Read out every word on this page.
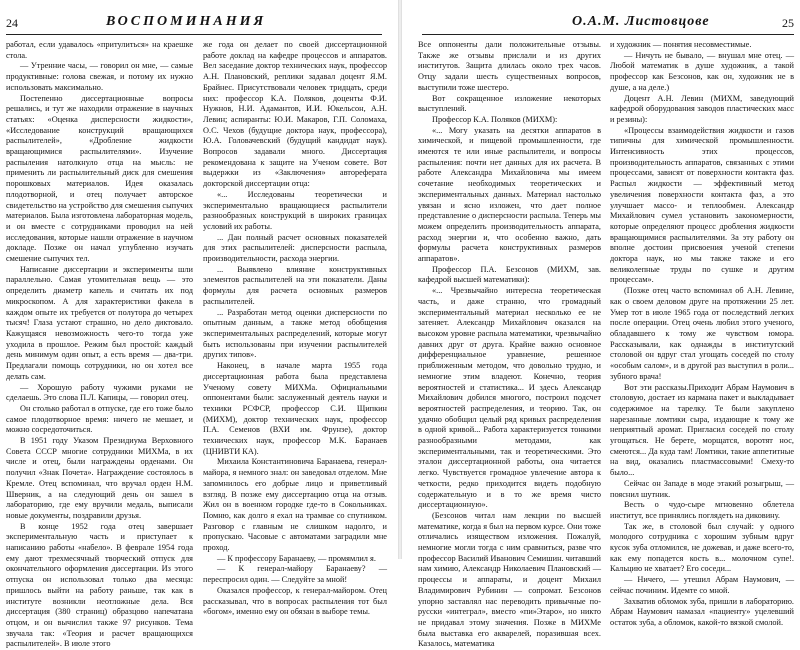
24	ВОСПОМИНАНИЯ

работал, если удавалось «притулиться» на краешке стола.

— Утренние часы, — говорил он мне, — самые продуктивные: голова свежая, и потому их нужно использовать максимально.

Постепенно диссертационные вопросы решались, и тут же находили отражение в научных статьях: «Оценка дисперсности жидкости», «Исследование конструкций вращающихся распылителей», «Дробление жидкости вращающимися распылителями». Изучение распыления натолкнуло отца на мысль: не применить ли распылительный диск для смешения порошковых материалов. Идея оказалась плодотворной, и отец получает авторское свидетельство на устройство для смешения сыпучих материалов. Была изготовлена лабораторная модель, и он вместе с сотрудниками проводил на ней исследования, которые нашли отражение в научном докладе. Позже он начал углубленно изучать смешение сыпучих тел.

Написание диссертации и эксперименты шли параллельно. Самая утомительная вещь — это определить диаметр капель и считать их под микроскопом. А для характеристики факела в каждом опыте их требуется от полутора до четырех тысяч! Глаза устают страшно, но дело диктовало. Кажущаяся невозможность чего-то тогда уже уходила в прошлое. Режим был простой: каждый день минимум один опыт, а есть время — два-три. Предлагали помощь сотрудники, но он хотел все делать сам.

— Хорошую работу чужими руками не сделаешь. Это слова П.Л. Капицы, — говорил отец.

Он столько работал в отпуске, где его тоже было самое плодотворное время: ничего не мешает, и можно сосредоточиться.

В 1951 году Указом Президиума Верховного Совета СССР многие сотрудники МИХМа, в их числе и отец, были награждены орденами. Он получил «Знак Почета». Награждение состоялось в Кремле. Отец вспоминал, что вручал орден Н.М. Шверник, а на следующий день он зашел в лабораторию, где ему вручили медаль, выписали новые документы, поздравили друзья.

В конце 1952 года отец завершает экспериментальную часть и приступает к написанию работы «набело». В феврале 1954 года ему дают трехмесячный творческий отпуск для окончательного оформления диссертации. Из этого отпуска он использовал только два месяца: пришлось выйти на работу раньше, так как в институте возникли неотложные дела. Вся диссертация (380 страниц) образцово напечатана отцом, и он вычислил также 97 рисунков. Тема звучала так: «Теория и расчет вращающихся распылителей». В июле этого

же года он делает по своей диссертационной работе доклад на кафедре процессов и аппаратов. Вел заседание доктор технических наук, профессор А.Н. Плановский, реплики задавал доцент Я.М. Брайнес. Присутствовали человек тридцать, среди них: профессор К.А. Поляков, доценты Ф.И. Нужнов, Н.И. Адамантов, И.И. Юкельсон, А.Н. Левин; аспиранты: Ю.И. Макаров, Г.П. Соломаха, О.С. Чехов (будущие доктора наук, профессора), Ю.А. Головачевский (будущий кандидат наук). Вопросов задавали много. Диссертация рекомендована к защите на Ученом совете. Вот выдержки из «Заключения» автореферата докторской диссертации отца:

«... Исследованы теоретически и экспериментально вращающиеся распылители разнообразных конструкций в широких границах условий их работы.

... Дан полный расчет основных показателей для этих распылителей: дисперсности распыла, производительности, расхода энергии.

... Выявлено влияние конструктивных элементов распылителей на эти показатели. Даны формулы для расчета основных размеров распылителей.

... Разработан метод оценки дисперсности по опытным данным, а также метод обобщения экспериментальных распределений, которые могут быть использованы при изучении распылителей других типов».

Наконец, в начале марта 1955 года диссертационная работа была представлена Ученому совету МИХМа. Официальными оппонентами были: заслуженный деятель науки и техники РСФСР, профессор С.И. Щипкин (МИХМ), доктор технических наук, профессор П.А. Семенов (ВХИ им. Фрунзе), доктор технических наук, профессор М.К. Баранаев (ЦНИВТИ КА).

Михаила Константиновича Баранаева, генерал-майора, я немного знал: он заведовал отделом. Мне запомнилось его добрые лицо и приветливый взгляд. В позже ему диссертацию отца на отзыв. Жил он в военном городке где-то в Сокольниках. Помню, как долго я ехал на трамвае со спутником. Разговор с главным не слишком надолго, и пропускаю. Часовые с автоматами заградили мне проход.

— К профессору Баранаеву, — промямлил я.

— К генерал-майору Баранаеву? — переспросил один. — Следуйте за мной!

Оказался профессор, к генерал-майором. Отец рассказывал, что в вопросах распыления тот был «богом», именно ему он обязан в выборе темы.

О.А.М. Листовцове	25

Все оппоненты дали положительные отзывы. Также же отзывы прислали и из других институтов. Защита длилась около трех часов. Отцу задали шесть существенных вопросов, выступили тоже шестеро.

Вот сокращенное изложение некоторых выступлений.

Профессор К.А. Поляков (МИХМ):

«... Могу указать на десятки аппаратов в химической, и пищевой промышленности, где имеются те или иные распылители, и вопросы распыления: почти нет данных для их расчета. В работе Александра Михайловича мы имеем сочетание необходимых теоретических и экспериментальных данных. Материал настолько увязан и ясно изложен, что дает полное представление о дисперсности распыла. Теперь мы можем определить производительность аппарата, расход энергии и, что особенно важно, дать формулы расчета конструктивных размеров аппаратов».

Профессор П.А. Безсонов (МИХМ, зав. кафедрой высшей математики):

«... Чрезвычайно интересна теоретическая часть, и даже странно, что громадный экспериментальный материал несколько ее не затеняет. Александр Михайлович оказался на высоком уровне распыла математики, чрезвычайно давних друг от друга. Крайне важно основное дифференциальное уравнение, решенное приближенным методом, что довольно трудно, и немногие этим владеют. Конечно, теория вероятностей и статистика... И здесь Александр Михайлович добился многого, построил подсчет вероятностей распределения, и теорию. Так, он удачно обобщил целый ряд кривых распределения в одной кривой... Работа характеризуется тонкими разнообразными методами, как экспериментальными, так и теоретическими. Это эталон диссертационной работы, она читается легко. Чувствуется громадное увлечение автора к четкости, редко приходится видеть подобную содержательную и в то же время чисто диссертационную».

(Безсонов читал нам лекции по высшей математике, когда я был на первом курсе. Они тоже отличались изяществом изложения. Пожалуй, немногие могли тогда с ним сравниться, разве что профессор Василий Иванович Семишин. читавший нам химию, Александр Николаевич Плановский — процессы и аппараты, и доцент Михаил Владимирович Рубинин — сопромат. Безсонов упорно заставлял нас переводить привычные по-русски «интеграл», вместо «пи»Этаро», но никто не придавал этому значения. Позже в МИХМе была выставка его акварелей, поразившая всех. Казалось, математика

и художник — понятия несовместимые.

— Ничуть не бывало, — внушал мне отец. — Любой математик в душе художник, а такой профессор как Безсонов, как он, художник не в душе, а на деле.)

Доцент А.Н. Левин (МИХМ, заведующий кафедрой оборудования заводов пластических масс и резины):

«Процессы взаимодействия жидкости и газов типичны для химической промышленности. Интенсивность этих процессов, производительность аппаратов, связанных с этими процессами, зависят от поверхности контакта фаз. Распыл жидкости — эффективный метод увеличения поверхности контакта фаз, а это улучшает массо- и теплообмен. Александр Михайлович сумел установить закономерности, которые определяют процесс дробления жидкости вращающимися распылителями. За эту работу он вполне достоин присвоения ученой степени доктора наук, но мы также также и его великолепные труды по сушке и другим процессам».

(Позже отец часто вспоминал об А.Н. Левине, как о своем деловом друге на протяжении 25 лет. Умер тот в июле 1965 года от последствий легких после операции. Отец очень любил этого ученого, обладавшего к тому же чувством юмора. Рассказывали, как однажды в институтский столовой он вдруг стал угощать соседей по столу «особым салом», и в другой раз выступил в роли... зубного врача!

Вот эти рассказы.Приходит Абрам Наумович в столовую, достает из кармана пакет и выкладывает содержимое на тарелку. Те были закуплено нарезанные ломтики сыра, издающие к тому же неприятный аромат. Пригласил соседей по столу угощаться. Не берете, морщатся, воротят нос, смеются... Да куда там! Ломтики, такие аппетитные на вид, оказались пластмассовыми! Смеху-то было...

Сейчас он Западе в моде этакий розыгрыш, — пояснил шутник.

Весть о чудо-сыре мгновенно облетела институт, все принялись поглядеть на диковину.

Так же, в столовой был случай: у одного молодого сотрудника с хорошим зубным вдруг кусок зуба отломился, не дожевав, и даже всего-то, как ему попадется кость в... молочном супе!. Кальцию не хватает? Его соседи...

— Ничего, — утешил Абрам Наумович, — сейчас починим. Идемте со мной.

Захватив обломок зуба, пришли в лабораторию. Абрам Наумович намазал «пациенту» уцелевший остаток зуба, а обломок, какой-то вязкой смолой.
